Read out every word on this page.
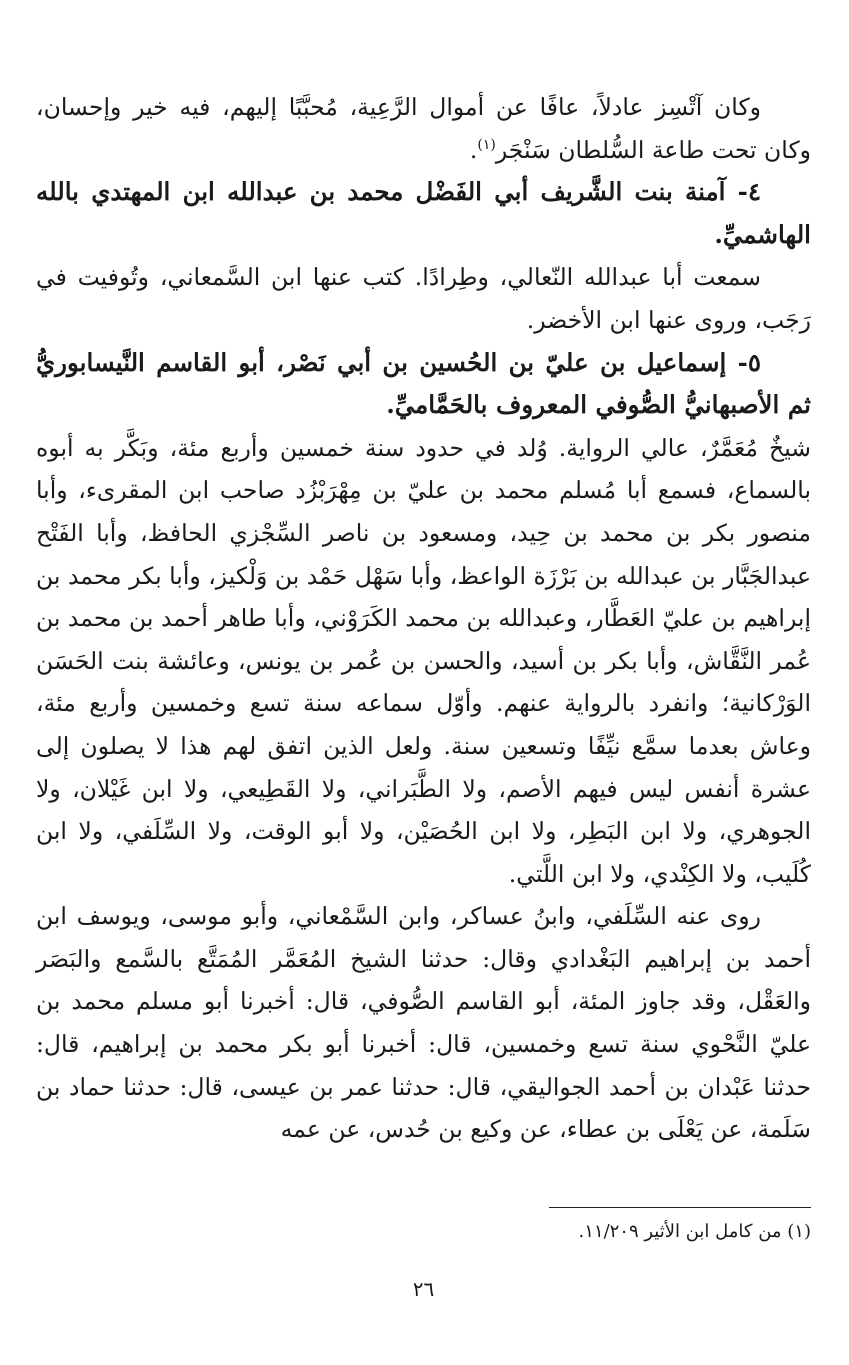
وكان آتْسِز عادلاً، عافًا عن أموال الرَّعِية، مُحبَّبًا إليهم، فيه خير وإحسان، وكان تحت طاعة السُّلطان سَنْجَر$^{(١)}$.

٤- آمنة بنت الشَّريف أبي الفَضْل محمد بن عبدالله ابن المهتدي بالله الهاشميِّ.

سمعت أبا عبدالله النّعالي، وطِرادًا. كتب عنها ابن السَّمعاني، وتُوفيت في رَجَب، وروى عنها ابن الأخضر.

٥- إسماعيل بن عليّ بن الحُسين بن أبي نَصْر، أبو القاسم النَّيسابوريُّ ثم الأصبهانيُّ الصُّوفي المعروف بالحَمَّاميِّ.

شيخٌ مُعَمَّرٌ، عالي الرواية. وُلد في حدود سنة خمسين وأربع مئة، وبَكَّر به أبوه بالسماع، فسمع أبا مُسلم محمد بن عليّ بن مِهْرَبْزُد صاحب ابن المقرىء، وأبا منصور بكر بن محمد بن حِيد، ومسعود بن ناصر السِّجْزي الحافظ، وأبا الفَتْح عبدالجَبَّار بن عبدالله بن بَرْزَة الواعظ، وأبا سَهْل حَمْد بن وَلْكيز، وأبا بكر محمد بن إبراهيم بن عليّ العَطَّار، وعبدالله بن محمد الكَرَوْني، وأبا طاهر أحمد بن محمد بن عُمر النَّقَّاش، وأبا بكر بن أسيد، والحسن بن عُمر بن يونس، وعائشة بنت الحَسَن الوَرْكانية؛ وانفرد بالرواية عنهم. وأوّل سماعه سنة تسع وخمسين وأربع مئة، وعاش بعدما سمَّع نيِّفًا وتسعين سنة. ولعل الذين اتفق لهم هذا لا يصلون إلى عشرة أنفس ليس فيهم الأصم، ولا الطَّبَراني، ولا القَطِيعي، ولا ابن غَيْلان، ولا الجوهري، ولا ابن البَطِر، ولا ابن الحُصَيْن، ولا أبو الوقت، ولا السِّلَفي، ولا ابن كُلَيب، ولا الكِنْدي، ولا ابن اللَّتي.

روى عنه السِّلَفي، وابنُ عساكر، وابن السَّمْعاني، وأبو موسى، ويوسف ابن أحمد بن إبراهيم البَغْدادي وقال: حدثنا الشيخ المُعَمَّر المُمَتَّع بالسَّمع والبَصَر والعَقْل، وقد جاوز المئة، أبو القاسم الصُّوفي، قال: أخبرنا أبو مسلم محمد بن عليّ النَّحْوي سنة تسع وخمسين، قال: أخبرنا أبو بكر محمد بن إبراهيم، قال: حدثنا عَبْدان بن أحمد الجواليقي، قال: حدثنا عمر بن عيسى، قال: حدثنا حماد بن سَلَمة، عن يَعْلَى بن عطاء، عن وكيع بن حُدس، عن عمه

(١) من كامل ابن الأثير ١١/٢٠٩.

٢٦
